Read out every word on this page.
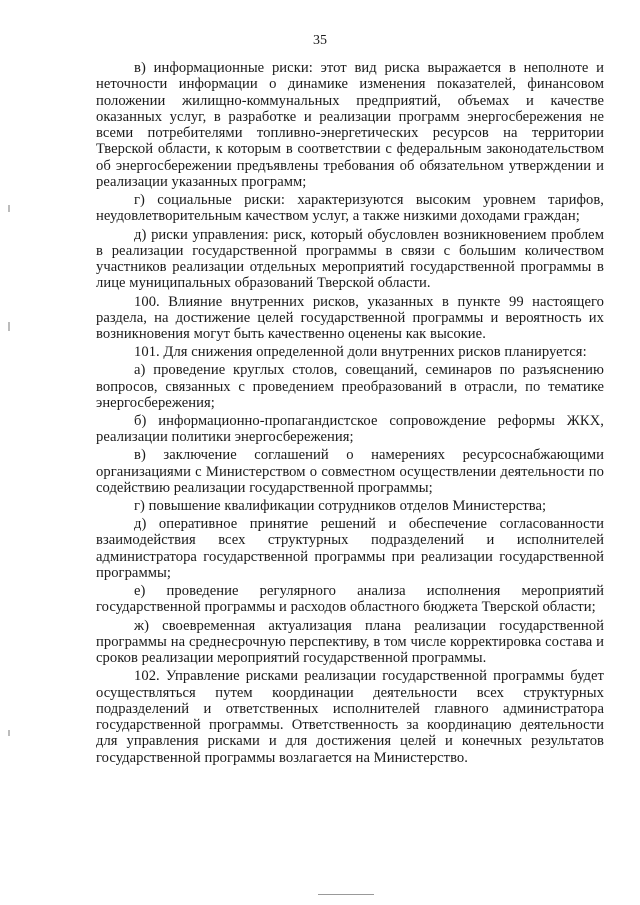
35

в) информационные риски: этот вид риска выражается в неполноте и неточности информации о динамике изменения показателей, финансовом положении жилищно-коммунальных предприятий, объемах и качестве оказанных услуг, в разработке и реализации программ энергосбережения не всеми потребителями топливно-энергетических ресурсов на территории Тверской области, к которым в соответствии с федеральным законодательством об энергосбережении предъявлены требования об обязательном утверждении и реализации указанных программ;

г) социальные риски: характеризуются высоким уровнем тарифов, неудовлетворительным качеством услуг, а также низкими доходами граждан;

д) риски управления: риск, который обусловлен возникновением проблем в реализации государственной программы в связи с большим количеством участников реализации отдельных мероприятий государственной программы в лице муниципальных образований Тверской области.

100. Влияние внутренних рисков, указанных в пункте 99 настоящего раздела, на достижение целей государственной программы и вероятность их возникновения могут быть качественно оценены как высокие.

101. Для снижения определенной доли внутренних рисков планируется:

а) проведение круглых столов, совещаний, семинаров по разъяснению вопросов, связанных с проведением преобразований в отрасли, по тематике энергосбережения;

б) информационно-пропагандистское сопровождение реформы ЖКХ, реализации политики энергосбережения;

в) заключение соглашений о намерениях ресурсоснабжающими организациями с Министерством о совместном осуществлении деятельности по содействию реализации государственной программы;

г) повышение квалификации сотрудников отделов Министерства;

д) оперативное принятие решений и обеспечение согласованности взаимодействия всех структурных подразделений и исполнителей администратора государственной программы при реализации государственной программы;

е) проведение регулярного анализа исполнения мероприятий государственной программы и расходов областного бюджета Тверской области;

ж) своевременная актуализация плана реализации государственной программы на среднесрочную перспективу, в том числе корректировка состава и сроков реализации мероприятий государственной программы.

102. Управление рисками реализации государственной программы будет осуществляться путем координации деятельности всех структурных подразделений и ответственных исполнителей главного администратора государственной программы. Ответственность за координацию деятельности для управления рисками и для достижения целей и конечных результатов государственной программы возлагается на Министерство.
